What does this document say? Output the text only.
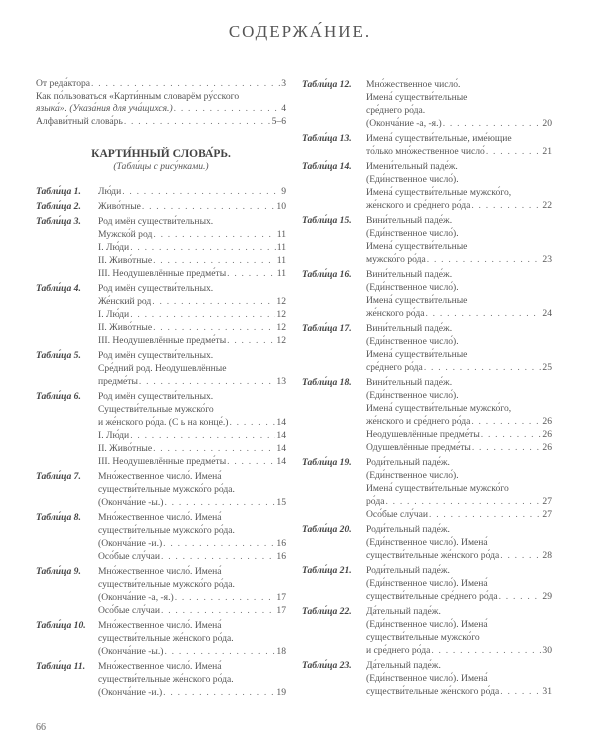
СОДЕРЖА́НИЕ.
От реда́ктора . . .	3
Как по́льзоваться «Карти́нным словарём ру́сского
языка́». (Указа́ния для уча́щихся.) . . .	4
Алфави́тный слова́рь . . .	5–6
КАРТИ́ННЫЙ СЛОВА́РЬ.
(Табли́цы с рису́нками.)
Табли́ца 1.	Лю́ди . . .	9
Табли́ца 2.	Живо́тные . . .	10
Табли́ца 3.	Род имён существи́тельных.
Мужско́й род . . .	11
I. Лю́ди . . .	11
II. Живо́тные . . .	11
III. Неодушевлённые предме́ты . . .	11
Табли́ца 4.	Род имён существи́тельных.
Же́нский род . . .	12
I. Лю́ди . . .	12
II. Живо́тные . . .	12
III. Неодушевлённые предме́ты . . .	12
Табли́ца 5.	Род имён существи́тельных.
Сре́дний род. Неодушевлённые
предме́ты . . .	13
Табли́ца 6.	Род имён существи́тельных.
Существи́тельные мужско́го
и же́нского ро́да. (С ь на конце́.) . . .	14
I. Лю́ди . . .	14
II. Живо́тные . . .	14
III. Неодушевлённые предме́ты . . .	14
Табли́ца 7.	Мно́жественное число́. Имена́
существи́тельные мужско́го ро́да.
(Оконча́ние -ы.) . . .	15
Табли́ца 8.	Мно́жественное число́. Имена́
существи́тельные мужско́го ро́да.
(Оконча́ние -и.) . . .	16
Осо́бые слу́чаи . . .	16
Табли́ца 9.	Мно́жественное число́. Имена́
существи́тельные мужско́го ро́да.
(Оконча́ние -а, -я.) . . .	17
Осо́бые слу́чаи . . .	17
Табли́ца 10.	Мно́жественное число́. Имена́
существи́тельные же́нского ро́да.
(Оконча́ние -ы.) . . .	18
Табли́ца 11.	Мно́жественное число́. Имена́
существи́тельные же́нского ро́да.
(Оконча́ние -и.) . . .	19
Табли́ца 12.	Мно́жественное число́.
Имена́ существи́тельные
сре́днего ро́да.
(Оконча́ние -а, -я.) . . .	20
Табли́ца 13.	Имена́ существи́тельные, име́ющие
то́лько мно́жественное число́ . . .	21
Табли́ца 14.	Имени́тельный паде́ж.
(Еди́нственное число́).
Имена́ существи́тельные мужско́го,
же́нского и сре́днего ро́да . . .	22
Табли́ца 15.	Вини́тельный паде́ж.
(Еди́нственное число́).
Имена́ существи́тельные
мужско́го ро́да . . .	23
Табли́ца 16.	Вини́тельный паде́ж.
(Еди́нственное число́).
Имена́ существи́тельные
же́нского ро́да . . .	24
Табли́ца 17.	Вини́тельный паде́ж.
(Еди́нственное число́).
Имена́ существи́тельные
сре́днего ро́да . . .	25
Табли́ца 18.	Вини́тельный паде́ж.
(Еди́нственное число́).
Имена́ существи́тельные мужско́го,
же́нского и сре́днего ро́да . . .	26
Неодушевлённые предме́ты . . .	26
Одушевлённые предме́ты . . .	26
Табли́ца 19.	Роди́тельный паде́ж.
(Еди́нственное число́).
Имена́ существи́тельные мужско́го
ро́да . . .	27
Осо́бые слу́чаи . . .	27
Табли́ца 20.	Роди́тельный паде́ж.
(Еди́нственное число́). Имена́
существи́тельные же́нского ро́да . . .	28
Табли́ца 21.	Роди́тельный паде́ж.
(Еди́нственное число́). Имена́
существи́тельные сре́днего ро́да . . .	29
Табли́ца 22.	Да́тельный паде́ж.
(Еди́нственное число́). Имена́
существи́тельные мужско́го
и сре́днего ро́да . . .	30
Табли́ца 23.	Да́тельный паде́ж.
(Еди́нственное число́). Имена́
существи́тельные же́нского ро́да . . .	31
66
